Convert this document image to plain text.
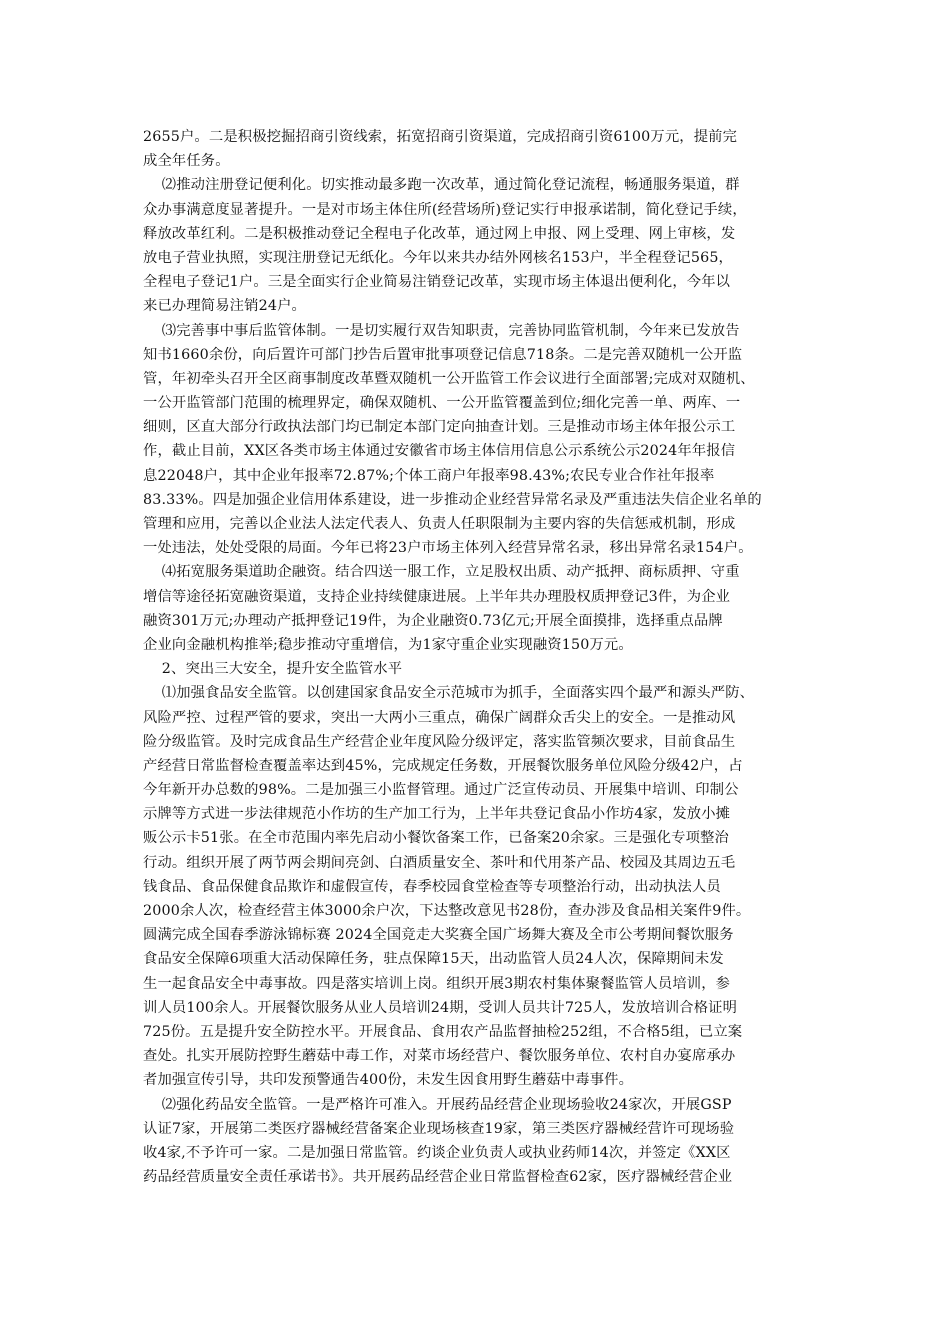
2655户。二是积极挖掘招商引资线索，拓宽招商引资渠道，完成招商引资6100万元，提前完
成全年任务。
⑵推动注册登记便利化。切实推动最多跑一次改革，通过简化登记流程，畅通服务渠道，群
众办事满意度显著提升。一是对市场主体住所(经营场所)登记实行申报承诺制，简化登记手续，
释放改革红利。二是积极推动登记全程电子化改革，通过网上申报、网上受理、网上审核，发
放电子营业执照，实现注册登记无纸化。今年以来共办结外网核名153户，半全程登记565，
全程电子登记1户。三是全面实行企业简易注销登记改革，实现市场主体退出便利化，今年以
来已办理简易注销24户。
⑶完善事中事后监管体制。一是切实履行双告知职责，完善协同监管机制，今年来已发放告
知书1660余份，向后置许可部门抄告后置审批事项登记信息718条。二是完善双随机一公开监
管，年初牵头召开全区商事制度改革暨双随机一公开监管工作会议进行全面部署;完成对双随机、
一公开监管部门范围的梳理界定，确保双随机、一公开监管覆盖到位;细化完善一单、两库、一
细则，区直大部分行政执法部门均已制定本部门定向抽查计划。三是推动市场主体年报公示工
作，截止目前，XX区各类市场主体通过安徽省市场主体信用信息公示系统公示2024年年报信
息22048户，其中企业年报率72.87%;个体工商户年报率98.43%;农民专业合作社年报率
83.33%。四是加强企业信用体系建设，进一步推动企业经营异常名录及严重违法失信企业名单的
管理和应用，完善以企业法人法定代表人、负责人任职限制为主要内容的失信惩戒机制，形成
一处违法，处处受限的局面。今年已将23户市场主体列入经营异常名录，移出异常名录154户。
⑷拓宽服务渠道助企融资。结合四送一服工作，立足股权出质、动产抵押、商标质押、守重
增信等途径拓宽融资渠道，支持企业持续健康进展。上半年共办理股权质押登记3件，为企业
融资301万元;办理动产抵押登记19件，为企业融资0.73亿元;开展全面摸排，选择重点品牌
企业向金融机构推举;稳步推动守重增信，为1家守重企业实现融资150万元。
2、突出三大安全，提升安全监管水平
⑴加强食品安全监管。以创建国家食品安全示范城市为抓手，全面落实四个最严和源头严防、
风险严控、过程严管的要求，突出一大两小三重点，确保广阔群众舌尖上的安全。一是推动风
险分级监管。及时完成食品生产经营企业年度风险分级评定，落实监管频次要求，目前食品生
产经营日常监督检查覆盖率达到45%，完成规定任务数，开展餐饮服务单位风险分级42户，占
今年新开办总数的98%。二是加强三小监督管理。通过广泛宣传动员、开展集中培训、印制公
示牌等方式进一步法律规范小作坊的生产加工行为，上半年共登记食品小作坊4家，发放小摊
贩公示卡51张。在全市范围内率先启动小餐饮备案工作，已备案20余家。三是强化专项整治
行动。组织开展了两节两会期间亮剑、白酒质量安全、茶叶和代用茶产品、校园及其周边五毛
钱食品、食品保健食品欺诈和虚假宣传，春季校园食堂检查等专项整治行动，出动执法人员
2000余人次，检查经营主体3000余户次，下达整改意见书28份，查办涉及食品相关案件9件。
圆满完成全国春季游泳锦标赛 2024全国竞走大奖赛全国广场舞大赛及全市公考期间餐饮服务
食品安全保障6项重大活动保障任务，驻点保障15天，出动监管人员24人次，保障期间未发
生一起食品安全中毒事故。四是落实培训上岗。组织开展3期农村集体聚餐监管人员培训，参
训人员100余人。开展餐饮服务从业人员培训24期，受训人员共计725人，发放培训合格证明
725份。五是提升安全防控水平。开展食品、食用农产品监督抽检252组，不合格5组，已立案
查处。扎实开展防控野生蘑菇中毒工作，对菜市场经营户、餐饮服务单位、农村自办宴席承办
者加强宣传引导，共印发预警通告400份，未发生因食用野生蘑菇中毒事件。
⑵强化药品安全监管。一是严格许可准入。开展药品经营企业现场验收24家次，开展GSP
认证7家，开展第二类医疗器械经营备案企业现场核查19家，第三类医疗器械经营许可现场验
收4家,不予许可一家。二是加强日常监管。约谈企业负责人或执业药师14次，并签定《XX区
药品经营质量安全责任承诺书》。共开展药品经营企业日常监督检查62家，医疗器械经营企业
